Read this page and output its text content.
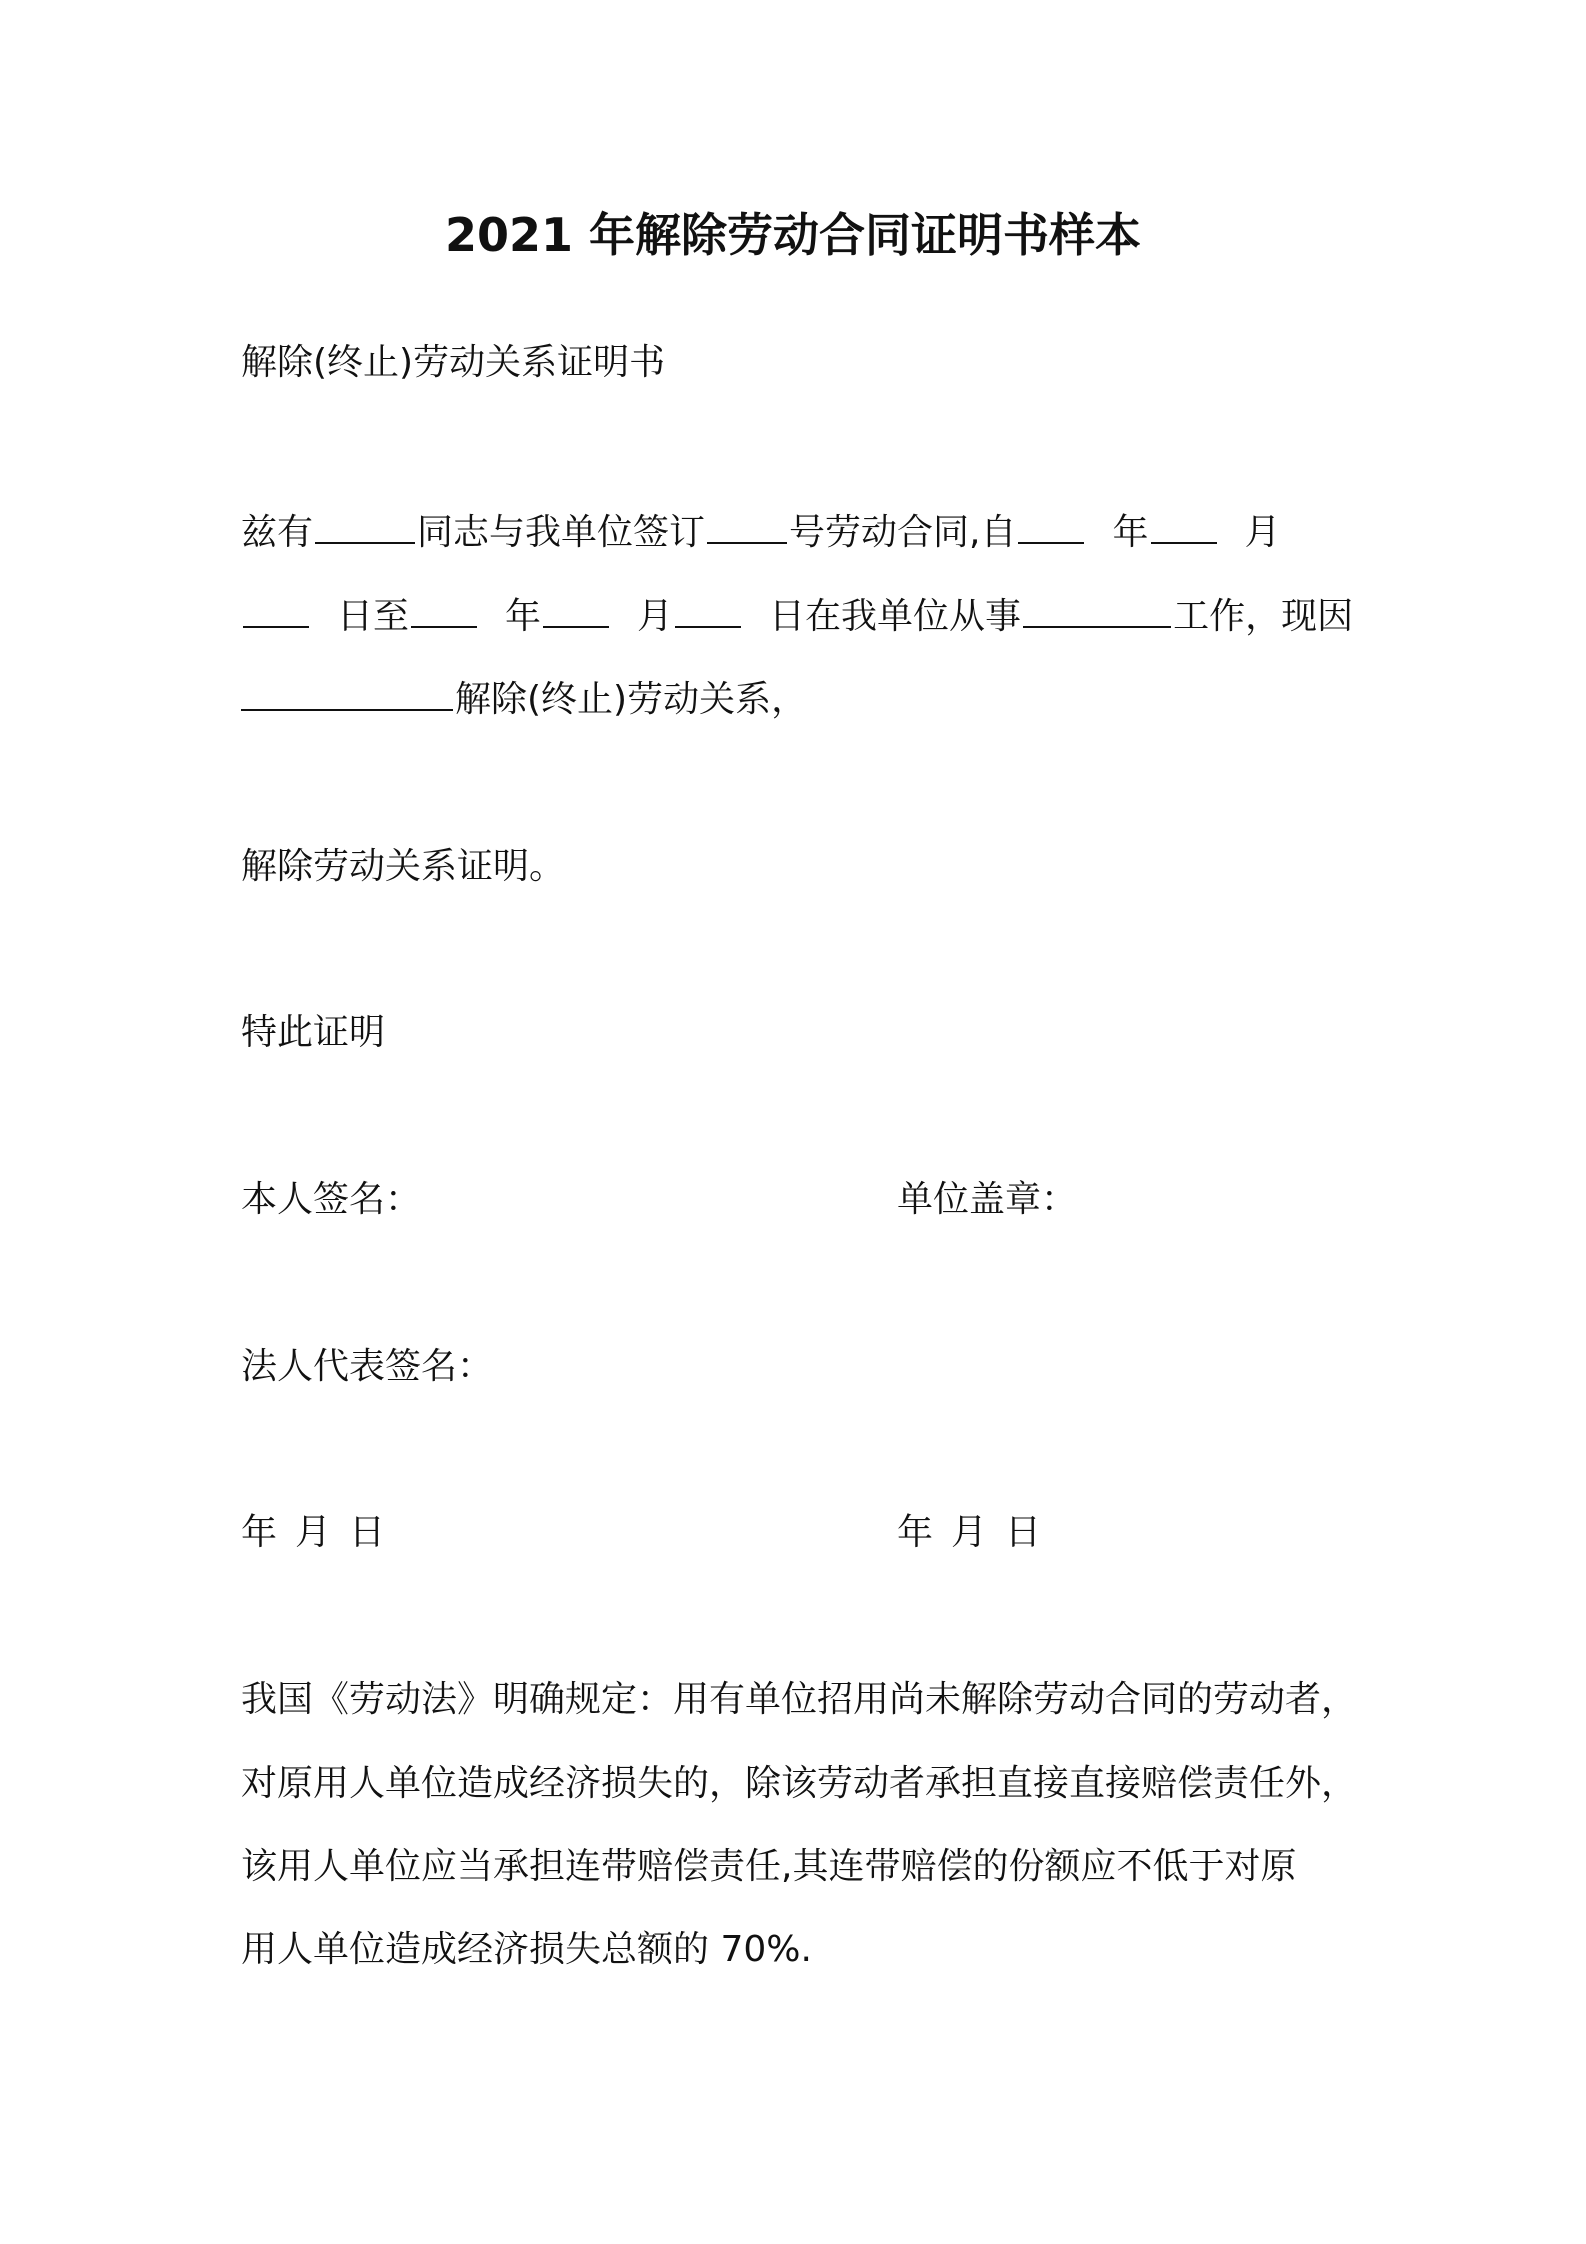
2021 年解除劳动合同证明书样本
解除(终止)劳动关系证明书
兹有	同志与我单位签订 号劳动合同,自	年	月
日至	年	月	日在我单位从事	工作，现因
解除(终止)劳动关系，
解除劳动关系证明。
特此证明
本人签名：	单位盖章：
法人代表签名：
年 月 日	年 月 日
我国《劳动法》明确规定：用有单位招用尚未解除劳动合同的劳动者，
对原用人单位造成经济损失的，除该劳动者承担直接直接赔偿责任外，
该用人单位应当承担连带赔偿责任,其连带赔偿的份额应不低于对原
用人单位造成经济损失总额的 70%.
